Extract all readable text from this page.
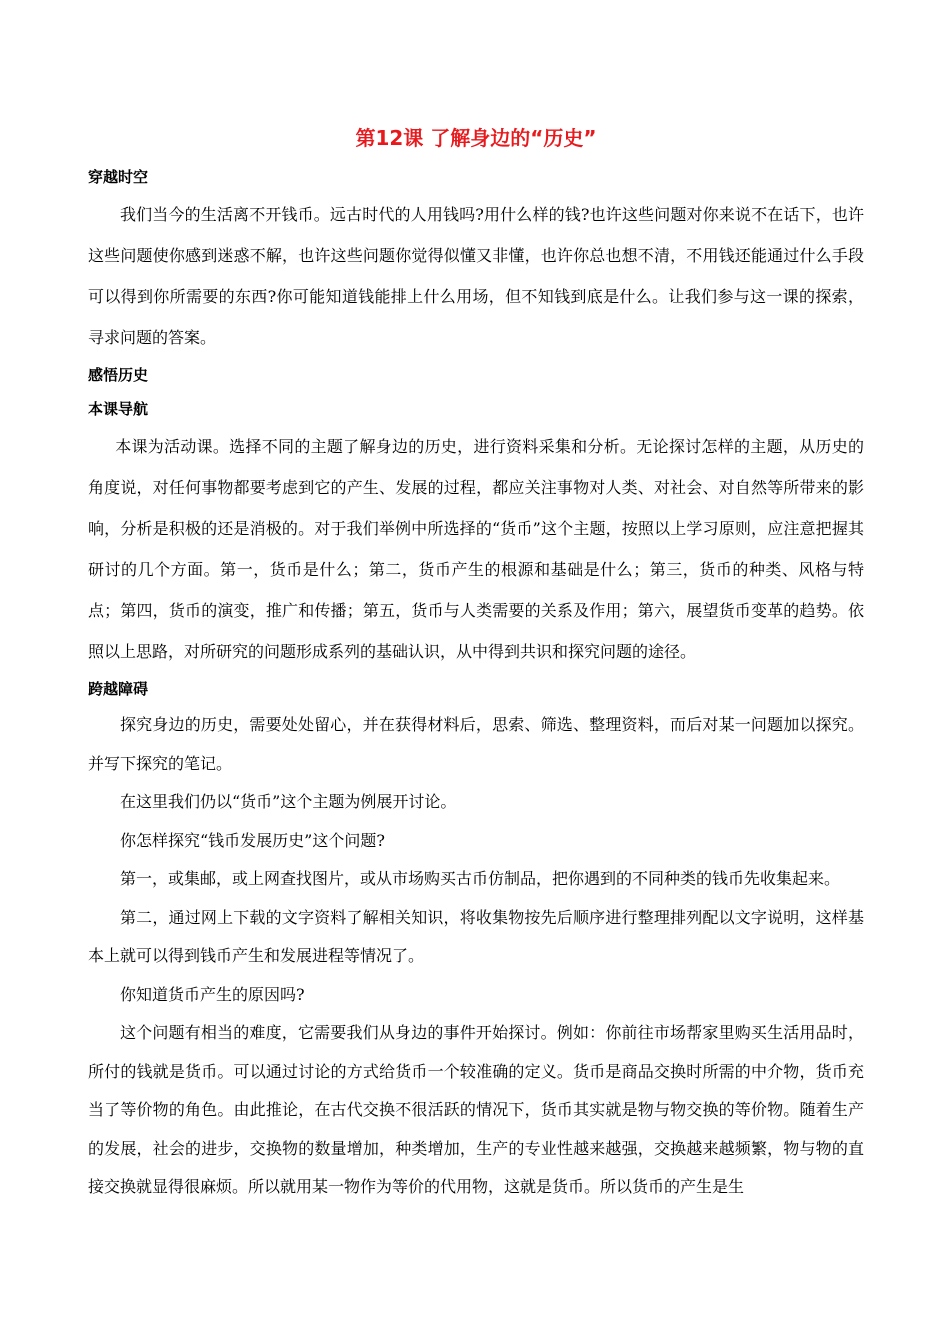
第12课 了解身边的“历史”
穿越时空

我们当今的生活离不开钱币。远古时代的人用钱吗?用什么样的钱?也许这些问题对你来说不在话下，也许这些问题使你感到迷惑不解，也许这些问题你觉得似懂又非懂，也许你总也想不清，不用钱还能通过什么手段可以得到你所需要的东西?你可能知道钱能排上什么用场，但不知钱到底是什么。让我们参与这一课的探索，寻求问题的答案。

感悟历史
本课导航

本课为活动课。选择不同的主题了解身边的历史，进行资料采集和分析。无论探讨怎样的主题，从历史的角度说，对任何事物都要考虑到它的产生、发展的过程，都应关注事物对人类、对社会、对自然等所带来的影响，分析是积极的还是消极的。对于我们举例中所选择的“货币”这个主题，按照以上学习原则，应注意把握其研讨的几个方面。第一，货币是什么；第二，货币产生的根源和基础是什么；第三，货币的种类、风格与特点；第四，货币的演变，推广和传播；第五，货币与人类需要的关系及作用；第六，展望货币变革的趋势。依照以上思路，对所研究的问题形成系列的基础认识，从中得到共识和探究问题的途径。

跨越障碍

探究身边的历史，需要处处留心，并在获得材料后，思索、筛选、整理资料，而后对某一问题加以探究。并写下探究的笔记。

在这里我们仍以“货币”这个主题为例展开讨论。

你怎样探究“钱币发展历史”这个问题?

第一，或集邮，或上网查找图片，或从市场购买古币仿制品，把你遇到的不同种类的钱币先收集起来。

第二，通过网上下载的文字资料了解相关知识，将收集物按先后顺序进行整理排列配以文字说明，这样基本上就可以得到钱币产生和发展进程等情况了。

你知道货币产生的原因吗?

这个问题有相当的难度，它需要我们从身边的事件开始探讨。例如：你前往市场帮家里购买生活用品时，所付的钱就是货币。可以通过讨论的方式给货币一个较准确的定义。货币是商品交换时所需的中介物，货币充当了等价物的角色。由此推论，在古代交换不很活跃的情况下，货币其实就是物与物交换的等价物。随着生产的发展，社会的进步，交换物的数量增加，种类增加，生产的专业性越来越强，交换越来越频繁，物与物的直接交换就显得很麻烦。所以就用某一物作为等价的代用物，这就是货币。所以货币的产生是生
